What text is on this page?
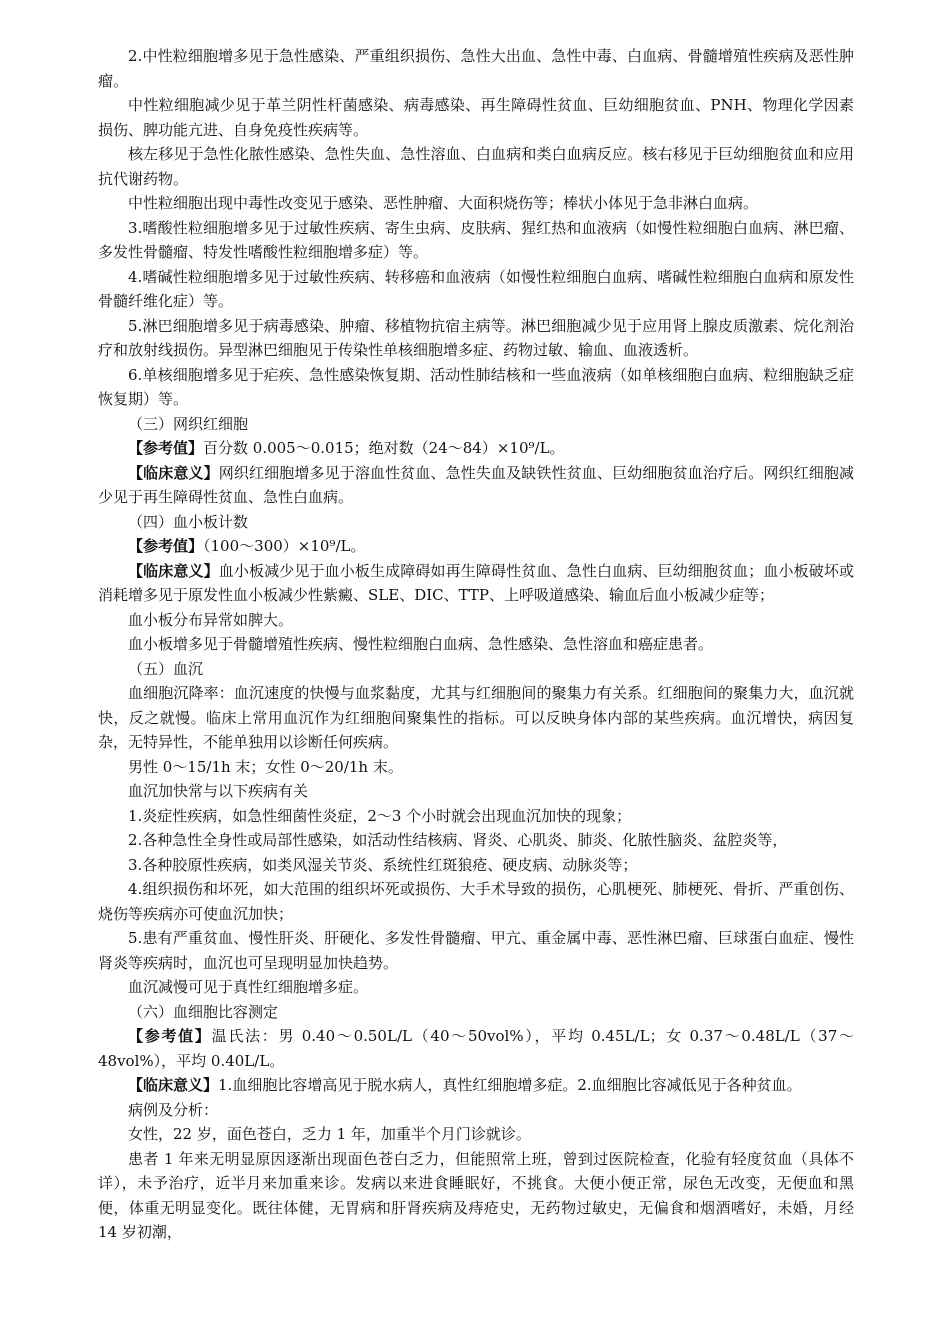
2.中性粒细胞增多见于急性感染、严重组织损伤、急性大出血、急性中毒、白血病、骨髓增殖性疾病及恶性肿瘤。
中性粒细胞减少见于革兰阴性杆菌感染、病毒感染、再生障碍性贫血、巨幼细胞贫血、PNH、物理化学因素损伤、脾功能亢进、自身免疫性疾病等。
核左移见于急性化脓性感染、急性失血、急性溶血、白血病和类白血病反应。核右移见于巨幼细胞贫血和应用抗代谢药物。
中性粒细胞出现中毒性改变见于感染、恶性肿瘤、大面积烧伤等；棒状小体见于急非淋白血病。
3.嗜酸性粒细胞增多见于过敏性疾病、寄生虫病、皮肤病、猩红热和血液病（如慢性粒细胞白血病、淋巴瘤、多发性骨髓瘤、特发性嗜酸性粒细胞增多症）等。
4.嗜碱性粒细胞增多见于过敏性疾病、转移癌和血液病（如慢性粒细胞白血病、嗜碱性粒细胞白血病和原发性骨髓纤维化症）等。
5.淋巴细胞增多见于病毒感染、肿瘤、移植物抗宿主病等。淋巴细胞减少见于应用肾上腺皮质激素、烷化剂治疗和放射线损伤。异型淋巴细胞见于传染性单核细胞增多症、药物过敏、输血、血液透析。
6.单核细胞增多见于疟疾、急性感染恢复期、活动性肺结核和一些血液病（如单核细胞白血病、粒细胞缺乏症恢复期）等。
（三）网织红细胞
【参考值】百分数 0.005～0.015；绝对数（24～84）×10⁹/L。
【临床意义】网织红细胞增多见于溶血性贫血、急性失血及缺铁性贫血、巨幼细胞贫血治疗后。网织红细胞减少见于再生障碍性贫血、急性白血病。
（四）血小板计数
【参考值】（100～300）×10⁹/L。
【临床意义】血小板减少见于血小板生成障碍如再生障碍性贫血、急性白血病、巨幼细胞贫血；血小板破坏或消耗增多见于原发性血小板减少性紫癜、SLE、DIC、TTP、上呼吸道感染、输血后血小板减少症等；
血小板分布异常如脾大。
血小板增多见于骨髓增殖性疾病、慢性粒细胞白血病、急性感染、急性溶血和癌症患者。
（五）血沉
血细胞沉降率：血沉速度的快慢与血浆黏度，尤其与红细胞间的聚集力有关系。红细胞间的聚集力大，血沉就快，反之就慢。临床上常用血沉作为红细胞间聚集性的指标。可以反映身体内部的某些疾病。血沉增快，病因复杂，无特异性，不能单独用以诊断任何疾病。
男性 0～15/1h 末；女性 0～20/1h 末。
血沉加快常与以下疾病有关
1.炎症性疾病，如急性细菌性炎症，2～3 个小时就会出现血沉加快的现象；
2.各种急性全身性或局部性感染，如活动性结核病、肾炎、心肌炎、肺炎、化脓性脑炎、盆腔炎等，
3.各种胶原性疾病，如类风湿关节炎、系统性红斑狼疮、硬皮病、动脉炎等；
4.组织损伤和坏死，如大范围的组织坏死或损伤、大手术导致的损伤，心肌梗死、肺梗死、骨折、严重创伤、烧伤等疾病亦可使血沉加快；
5.患有严重贫血、慢性肝炎、肝硬化、多发性骨髓瘤、甲亢、重金属中毒、恶性淋巴瘤、巨球蛋白血症、慢性肾炎等疾病时，血沉也可呈现明显加快趋势。
血沉减慢可见于真性红细胞增多症。
（六）血细胞比容测定
【参考值】温氏法：男 0.40～0.50L/L（40～50vol%），平均 0.45L/L；女 0.37～0.48L/L（37～48vol%），平均 0.40L/L。
【临床意义】1.血细胞比容增高见于脱水病人，真性红细胞增多症。2.血细胞比容减低见于各种贫血。
病例及分析：
女性，22 岁，面色苍白，乏力 1 年，加重半个月门诊就诊。
患者 1 年来无明显原因逐渐出现面色苍白乏力，但能照常上班，曾到过医院检查，化验有轻度贫血（具体不详），未予治疗，近半月来加重来诊。发病以来进食睡眠好，不挑食。大便小便正常，尿色无改变，无便血和黑便，体重无明显变化。既往体健，无胃病和肝肾疾病及痔疮史，无药物过敏史，无偏食和烟酒嗜好，未婚，月经 14 岁初潮，
